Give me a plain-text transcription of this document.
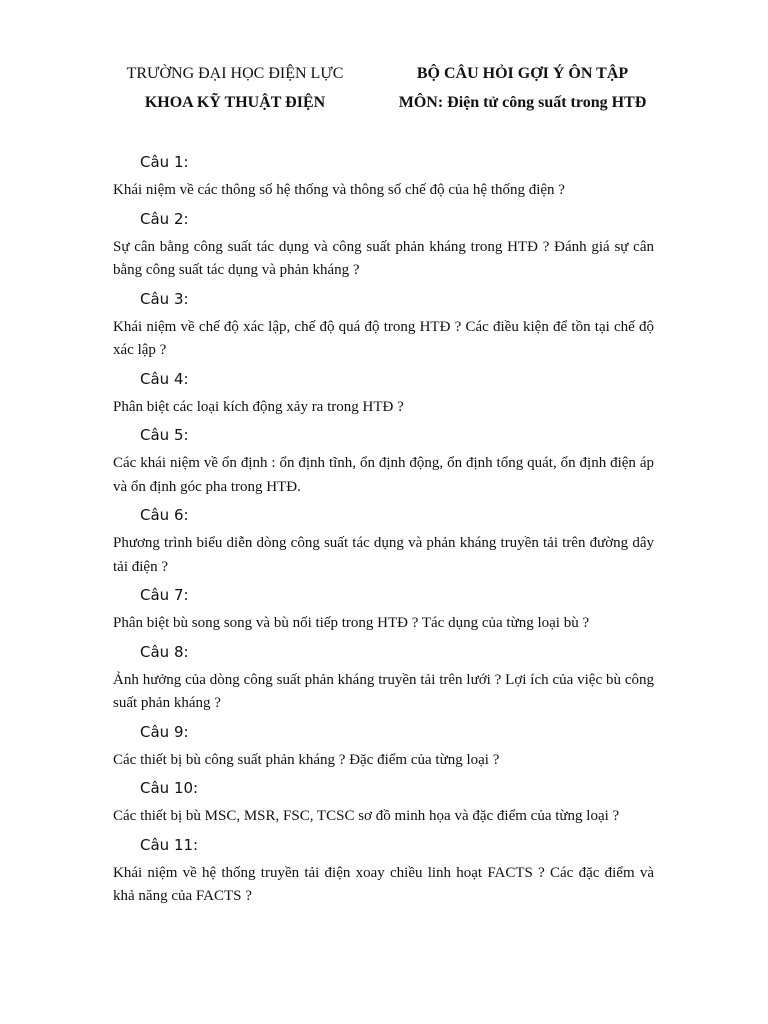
TRƯỜNG ĐẠI HỌC ĐIỆN LỰC
KHOA KỸ THUẬT ĐIỆN
BỘ CÂU HỎI GỢI Ý ÔN TẬP
MÔN: Điện tử công suất trong HTĐ
Câu 1:

Khái niệm về các thông số hệ thống và thông số chế độ của hệ thống điện ?

Câu 2:

Sự cân bằng công suất tác dụng và công suất phản kháng trong HTĐ ? Đánh giá sự cân bằng công suất tác dụng và phản kháng ?

Câu 3:

Khái niệm về chế độ xác lập, chế độ quá độ trong HTĐ ? Các điều kiện để tồn tại chế độ xác lập ?

Câu 4:

Phân biệt các loại kích động xảy ra trong HTĐ ?

Câu 5:

Các khái niệm về ổn định : ổn định tĩnh, ổn định động, ổn định tổng quát, ổn định điện áp và ổn định góc pha trong HTĐ.

Câu 6:

Phương trình biểu diễn dòng công suất tác dụng và phản kháng truyền tải trên đường dây tải điện ?

Câu 7:

Phân biệt bù song song và bù nối tiếp trong HTĐ ? Tác dụng của từng loại bù ?

Câu 8:

Ảnh hưởng của dòng công suất phản kháng truyền tải trên lưới ? Lợi ích của việc bù công suất phản kháng ?

Câu 9:

Các thiết bị bù công suất phản kháng ? Đặc điểm của từng loại ?

Câu 10:

Các thiết bị bù MSC, MSR, FSC, TCSC sơ đồ minh họa và đặc điểm của từng loại ?

Câu 11:

Khái niệm về hệ thống truyền tải điện xoay chiều linh hoạt FACTS ? Các đặc điểm và khả năng của FACTS ?
